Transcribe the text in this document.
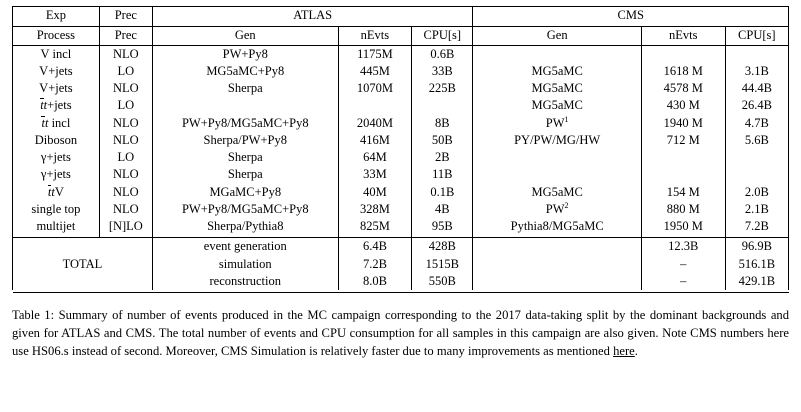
Exp	Prec	ATLAS			CMS		

Process	Prec	Gen	nEvts	CPU[s]	Gen	nEvts	CPU[s]
V incl	NLO	PW+Py8	1175M	0.6B			
V+jets	LO	MG5aMC+Py8	445M	33B	MG5aMC	1618 M	3.1B
V+jets	NLO	Sherpa	1070M	225B	MG5aMC	4578 M	44.4B
tt+jets	LO				MG5aMC	430 M	26.4B
tt incl	NLO	PW+Py8/MG5aMC+Py8	2040M	8B	$PW^1$	1940 M	4.7B
Diboson	NLO	Sherpa/PW+Py8	416M	50B	PY/PW/MG/HW	712 M	5.6B
γ+jets	LO	Sherpa	64M	2B			
γ+jets	NLO	Sherpa	33M	11B			
ttV	NLO	MGaMC+Py8	40M	0.1B	MG5aMC	154 M	2.0B
single top	NLO	PW+Py8/MG5aMC+Py8	328M	4B	$PW^2$	880 M	2.1B
multijet	[N]LO	Sherpa/Pythia8	825M	95B	Pythia8/MG5aMC	1950 M	7.2B

TOTAL		event generation	6.4B	428B		12.3B	96.9B
		simulation	7.2B	1515B		–	516.1B
		reconstruction	8.0B	550B		–	429.1B

Table 1: Summary of number of events produced in the MC campaign corresponding to the 2017 data-taking split by the dominant backgrounds and given for ATLAS and CMS. The total number of events and CPU consumption for all samples in this campaign are also given. Note CMS numbers here use HS06.s instead of second. Moreover, CMS Simulation is relatively faster due to many improvements as mentioned here.
